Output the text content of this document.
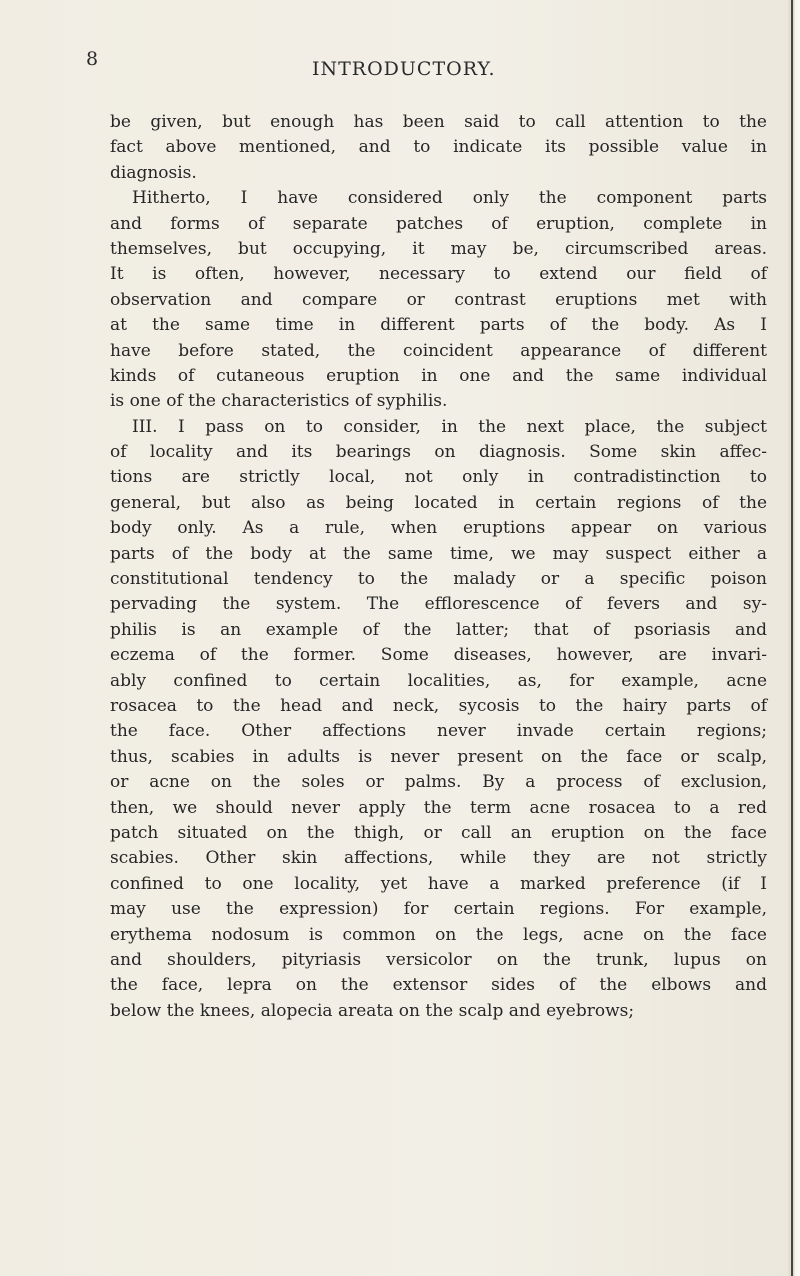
8	INTRODUCTORY.
be given, but enough has been said to call attention to the
fact above mentioned, and to indicate its possible value in
diagnosis.
Hitherto, I have considered only the component parts
and forms of separate patches of eruption, complete in
themselves, but occupying, it may be, circumscribed areas.
It is often, however, necessary to extend our field of
observation and compare or contrast eruptions met with
at the same time in different parts of the body. As I
have before stated, the coincident appearance of different
kinds of cutaneous eruption in one and the same individual
is one of the characteristics of syphilis.
III. I pass on to consider, in the next place, the subject
of locality and its bearings on diagnosis. Some skin affec-
tions are strictly local, not only in contradistinction to
general, but also as being located in certain regions of the
body only. As a rule, when eruptions appear on various
parts of the body at the same time, we may suspect either a
constitutional tendency to the malady or a specific poison
pervading the system. The efflorescence of fevers and sy-
philis is an example of the latter; that of psoriasis and
eczema of the former. Some diseases, however, are invari-
ably confined to certain localities, as, for example, acne
rosacea to the head and neck, sycosis to the hairy parts of
the face. Other affections never invade certain regions;
thus, scabies in adults is never present on the face or scalp,
or acne on the soles or palms. By a process of exclusion,
then, we should never apply the term acne rosacea to a red
patch situated on the thigh, or call an eruption on the face
scabies. Other skin affections, while they are not strictly
confined to one locality, yet have a marked preference (if I
may use the expression) for certain regions. For example,
erythema nodosum is common on the legs, acne on the face
and shoulders, pityriasis versicolor on the trunk, lupus on
the face, lepra on the extensor sides of the elbows and
below the knees, alopecia areata on the scalp and eyebrows;
